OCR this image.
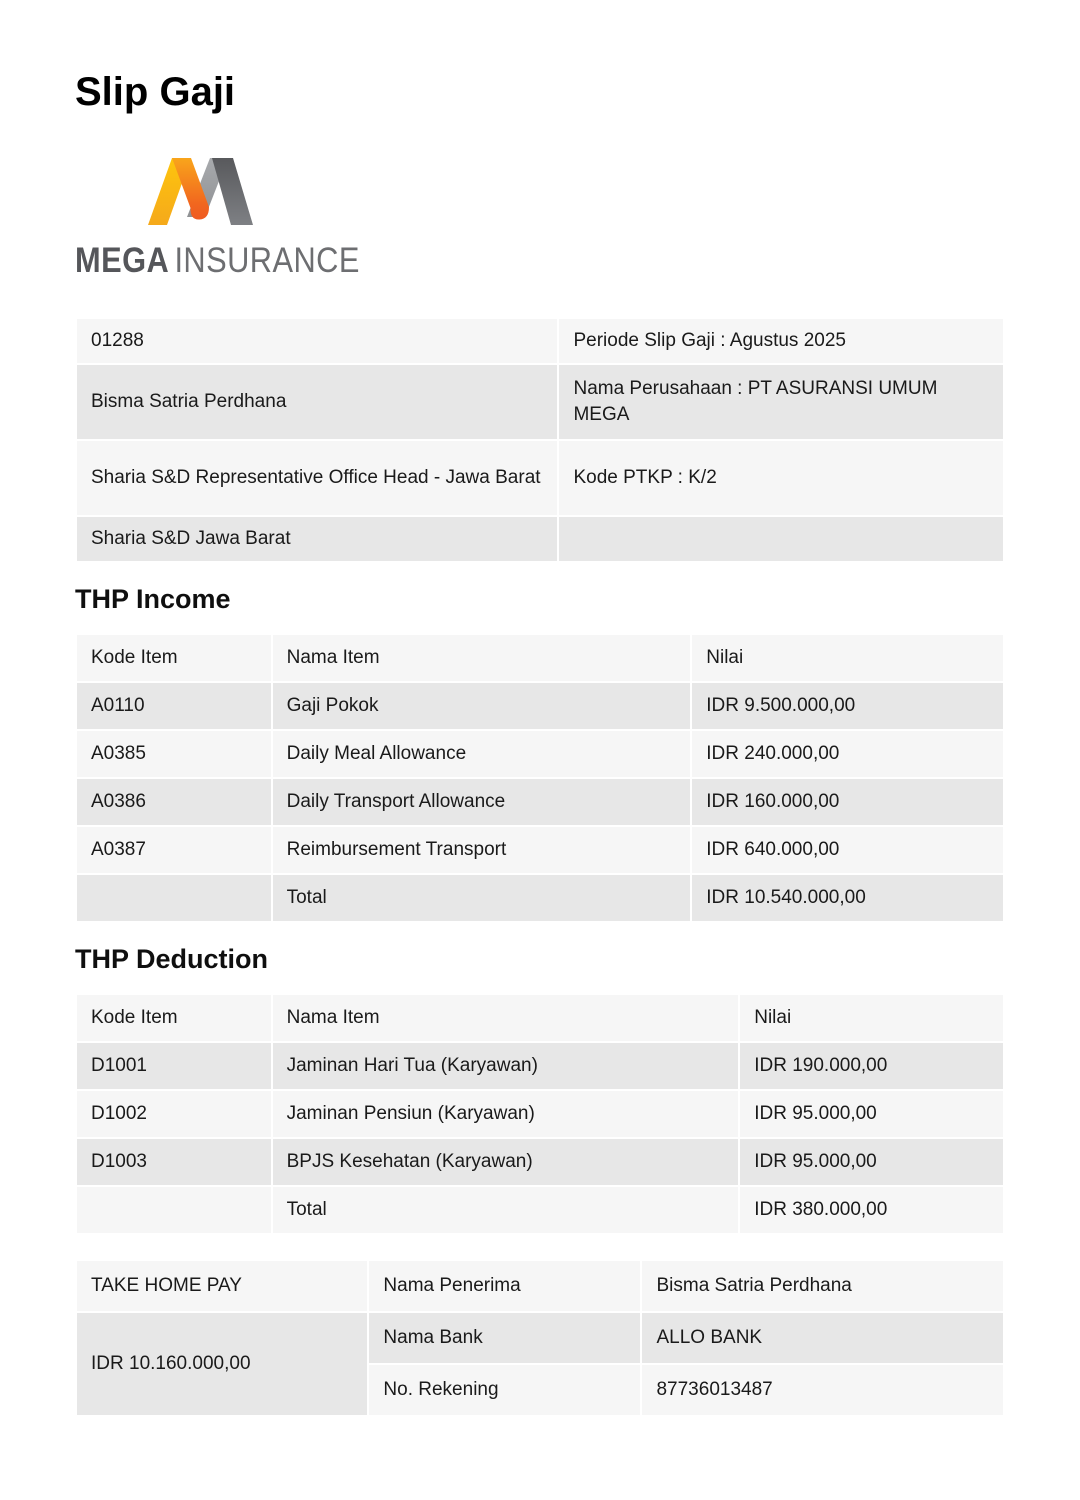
Slip Gaji
MEGA INSURANCE
01288	Periode Slip Gaji : Agustus 2025
Bisma Satria Perdhana	Nama Perusahaan : PT ASURANSI UMUM MEGA
Sharia S&D Representative Office Head - Jawa Barat	Kode PTKP : K/2
Sharia S&D Jawa Barat	
THP Income
Kode Item	Nama Item	Nilai
A0110	Gaji Pokok	IDR 9.500.000,00
A0385	Daily Meal Allowance	IDR 240.000,00
A0386	Daily Transport Allowance	IDR 160.000,00
A0387	Reimbursement Transport	IDR 640.000,00
	Total	IDR 10.540.000,00
THP Deduction
Kode Item	Nama Item	Nilai
D1001	Jaminan Hari Tua (Karyawan)	IDR 190.000,00
D1002	Jaminan Pensiun (Karyawan)	IDR 95.000,00
D1003	BPJS Kesehatan (Karyawan)	IDR 95.000,00
	Total	IDR 380.000,00
TAKE HOME PAY	Nama Penerima	Bisma Satria Perdhana
IDR 10.160.000,00	Nama Bank	ALLO BANK
	No. Rekening	87736013487
